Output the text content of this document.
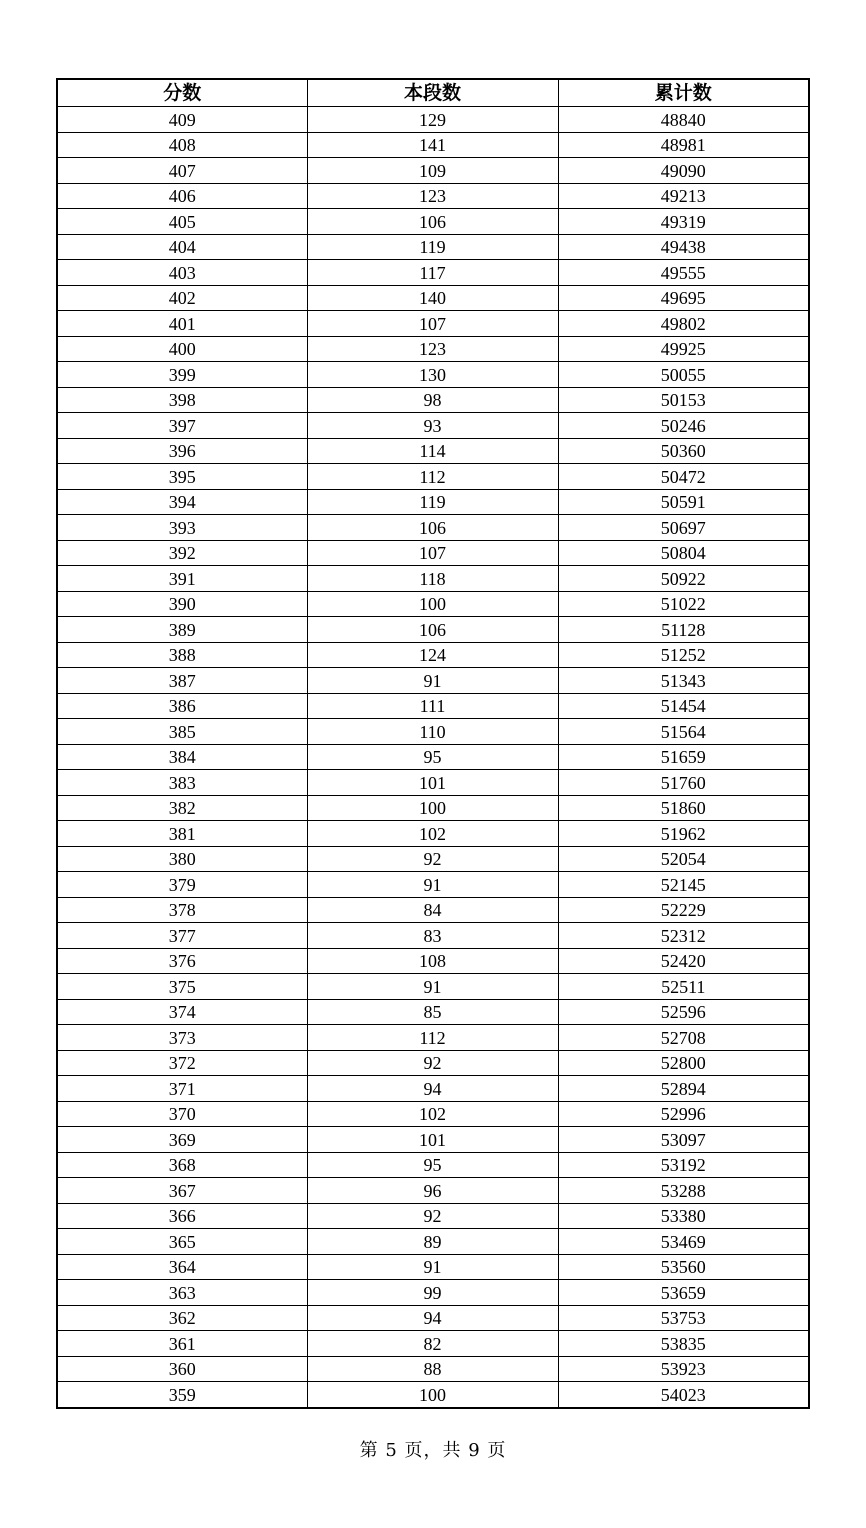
分数	本段数	累计数
409	129	48840
408	141	48981
407	109	49090
406	123	49213
405	106	49319
404	119	49438
403	117	49555
402	140	49695
401	107	49802
400	123	49925
399	130	50055
398	98	50153
397	93	50246
396	114	50360
395	112	50472
394	119	50591
393	106	50697
392	107	50804
391	118	50922
390	100	51022
389	106	51128
388	124	51252
387	91	51343
386	111	51454
385	110	51564
384	95	51659
383	101	51760
382	100	51860
381	102	51962
380	92	52054
379	91	52145
378	84	52229
377	83	52312
376	108	52420
375	91	52511
374	85	52596
373	112	52708
372	92	52800
371	94	52894
370	102	52996
369	101	53097
368	95	53192
367	96	53288
366	92	53380
365	89	53469
364	91	53560
363	99	53659
362	94	53753
361	82	53835
360	88	53923
359	100	54023
第 5 页，共 9 页
